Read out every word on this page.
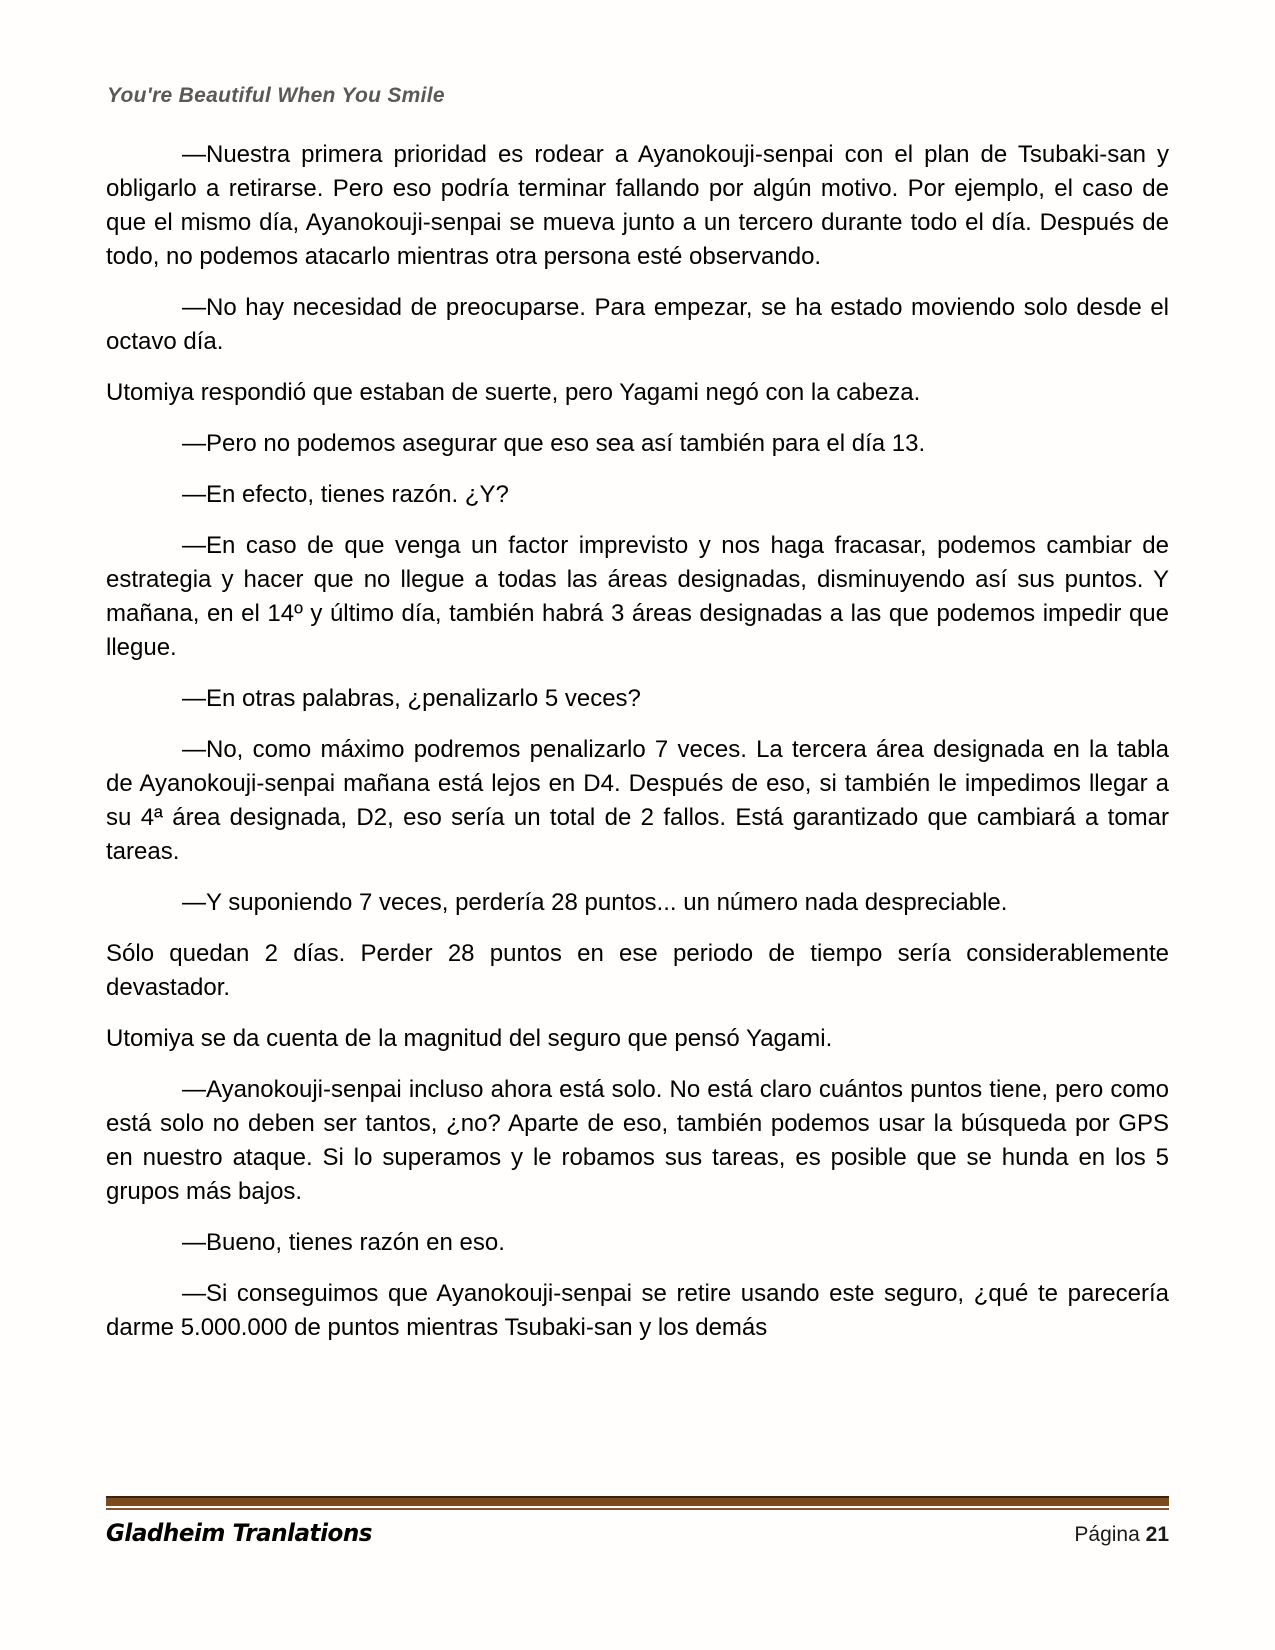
You're Beautiful When You Smile

—Nuestra primera prioridad es rodear a Ayanokouji-senpai con el plan de Tsubaki-san y obligarlo a retirarse. Pero eso podría terminar fallando por algún motivo. Por ejemplo, el caso de que el mismo día, Ayanokouji-senpai se mueva junto a un tercero durante todo el día. Después de todo, no podemos atacarlo mientras otra persona esté observando.

—No hay necesidad de preocuparse. Para empezar, se ha estado moviendo solo desde el octavo día.

Utomiya respondió que estaban de suerte, pero Yagami negó con la cabeza.

—Pero no podemos asegurar que eso sea así también para el día 13.

—En efecto, tienes razón. ¿Y?

—En caso de que venga un factor imprevisto y nos haga fracasar, podemos cambiar de estrategia y hacer que no llegue a todas las áreas designadas, disminuyendo así sus puntos. Y mañana, en el 14º y último día, también habrá 3 áreas designadas a las que podemos impedir que llegue.

—En otras palabras, ¿penalizarlo 5 veces?

—No, como máximo podremos penalizarlo 7 veces. La tercera área designada en la tabla de Ayanokouji-senpai mañana está lejos en D4. Después de eso, si también le impedimos llegar a su 4ª área designada, D2, eso sería un total de 2 fallos. Está garantizado que cambiará a tomar tareas.

—Y suponiendo 7 veces, perdería 28 puntos... un número nada despreciable.

Sólo quedan 2 días. Perder 28 puntos en ese periodo de tiempo sería considerablemente devastador.

Utomiya se da cuenta de la magnitud del seguro que pensó Yagami.

—Ayanokouji-senpai incluso ahora está solo. No está claro cuántos puntos tiene, pero como está solo no deben ser tantos, ¿no? Aparte de eso, también podemos usar la búsqueda por GPS en nuestro ataque. Si lo superamos y le robamos sus tareas, es posible que se hunda en los 5 grupos más bajos.

—Bueno, tienes razón en eso.

—Si conseguimos que Ayanokouji-senpai se retire usando este seguro, ¿qué te parecería darme 5.000.000 de puntos mientras Tsubaki-san y los demás

Gladheim Tranlations	Página 21
